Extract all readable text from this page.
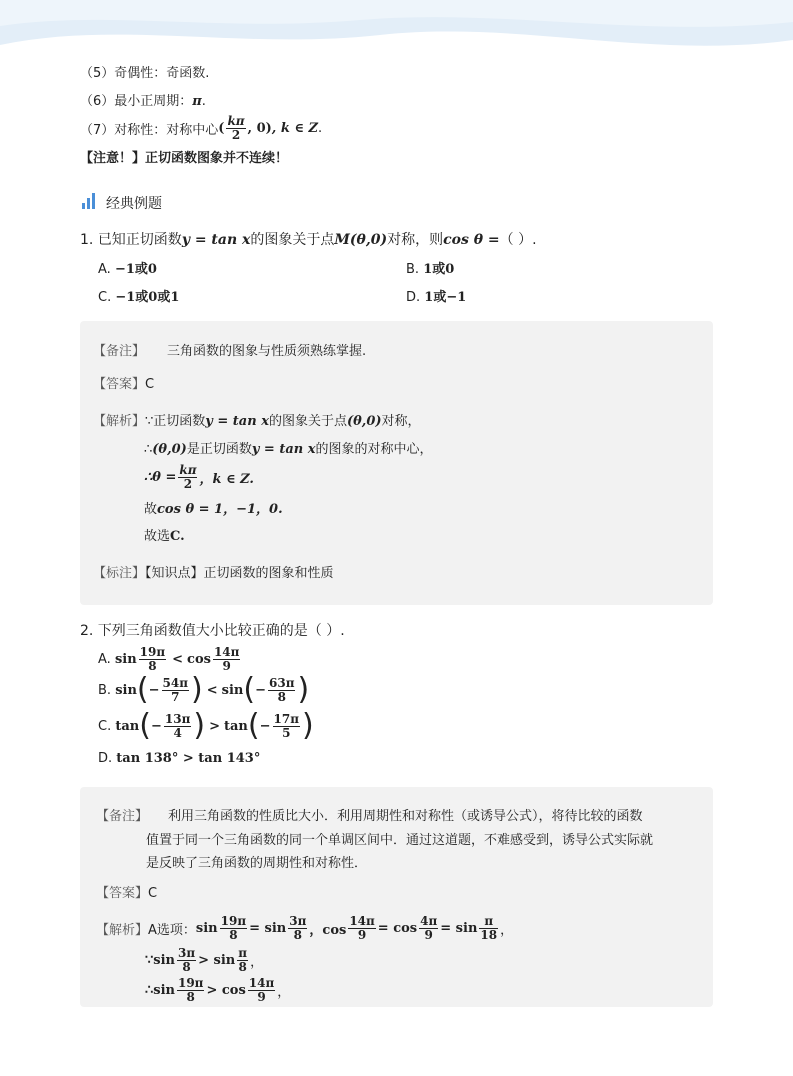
（5）奇偶性：奇函数.
（6）最小正周期：π.
（7）对称性：对称中心 ( $\frac{k\pi}{2}$ , 0) , k ∈ Z .
【注意！】正切函数图象并不连续！
经典例题
1. 已知正切函数y = tan x的图象关于点M(θ,0)对称，则cos θ =（ ）.
A. −1或0	B. 1或0
C. −1或0或1	D. 1或−1
【备注】 三角函数的图象与性质须熟练掌握.
【答案】C
【解析】∵正切函数y = tan x的图象关于点(θ,0)对称，
∴(θ,0)是正切函数y = tan x的图象的对称中心，
∴θ = $\frac{k\pi}{2}$ ，k ∈ Z.
故cos θ = 1，−1，0.
故选C.
【标注】【知识点】正切函数的图象和性质
2. 下列三角函数值大小比较正确的是（ ）.
A.
$\sin \frac{19\pi}{8} < \cos \frac{14\pi}{9}$
B.
sin ( − $\frac{54\pi}{7}$ ) < sin ( − $\frac{63\pi}{8}$ )
C.
tan ( − $\frac{13\pi}{4}$ ) > tan ( − $\frac{17\pi}{5}$ )
D. tan 138° > tan 143°
【备注】 利用三角函数的性质比大小．利用周期性和对称性（或诱导公式），将待比较的函数
值置于同一个三角函数的同一个单调区间中．通过这道题，不难感受到，诱导公式实际就
是反映了三角函数的周期性和对称性．
【答案】C
【解析】 A选项： $\sin \frac{19\pi}{8} = \sin \frac{3\pi}{8}$ ，$\cos \frac{14\pi}{9} = \cos \frac{4\pi}{9} = \sin \frac{\pi}{18}$ ，
∵sin $\frac{3\pi}{8} > \sin \frac{\pi}{8}$ ，
∴sin $\frac{19\pi}{8} > \cos \frac{14\pi}{9}$ ，
